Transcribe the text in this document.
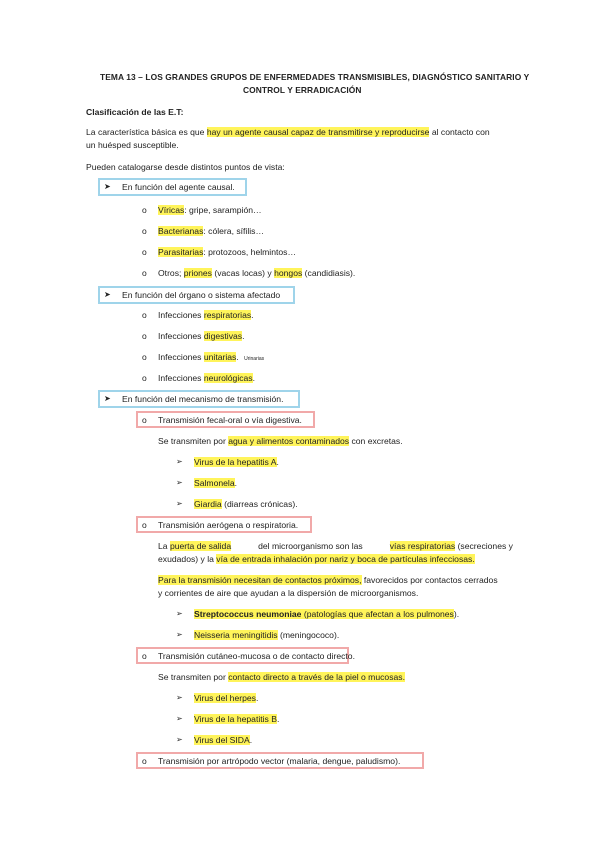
TEMA 13 – LOS GRANDES GRUPOS DE ENFERMEDADES TRANSMISIBLES, DIAGNÓSTICO SANITARIO Y
CONTROL Y ERRADICACIÓN
Clasificación de las E.T:
La característica básica es que hay un agente causal capaz de transmitirse y reproducirse al contacto con
un huésped susceptible.
Pueden catalogarse desde distintos puntos de vista:
➤ En función del agente causal.
o Víricas: gripe, sarampión…
o Bacterianas: cólera, sífilis…
o Parasitarias: protozoos, helmintos…
o Otros; priones (vacas locas) y hongos (candidiasis).
➤ En función del órgano o sistema afectado
o Infecciones respiratorias.
o Infecciones digestivas.
o Infecciones unitarias. Urinarias
o Infecciones neurológicas.
➤ En función del mecanismo de transmisión.
o Transmisión fecal-oral o vía digestiva.
Se transmiten por agua y alimentos contaminados con excretas.
➢ Virus de la hepatitis A.
➢ Salmonela.
➢ Giardia (diarreas crónicas).
o Transmisión aerógena o respiratoria.
La puerta de salida	del microorganismo son las	vías respiratorias (secreciones y
exudados) y la vía de entrada inhalación por nariz y boca de partículas infecciosas.
Para la transmisión necesitan de contactos próximos, favorecidos por contactos cerrados
y corrientes de aire que ayudan a la dispersión de microorganismos.
➢ Streptococcus neumoniae (patologías que afectan a los pulmones).
➢ Neisseria meningitidis (meningococo).
o Transmisión cutáneo-mucosa o de contacto directo.
Se transmiten por contacto directo a través de la piel o mucosas.
➢ Virus del herpes.
➢ Virus de la hepatitis B.
➢ Virus del SIDA.
o Transmisión por artrópodo vector (malaria, dengue, paludismo).
